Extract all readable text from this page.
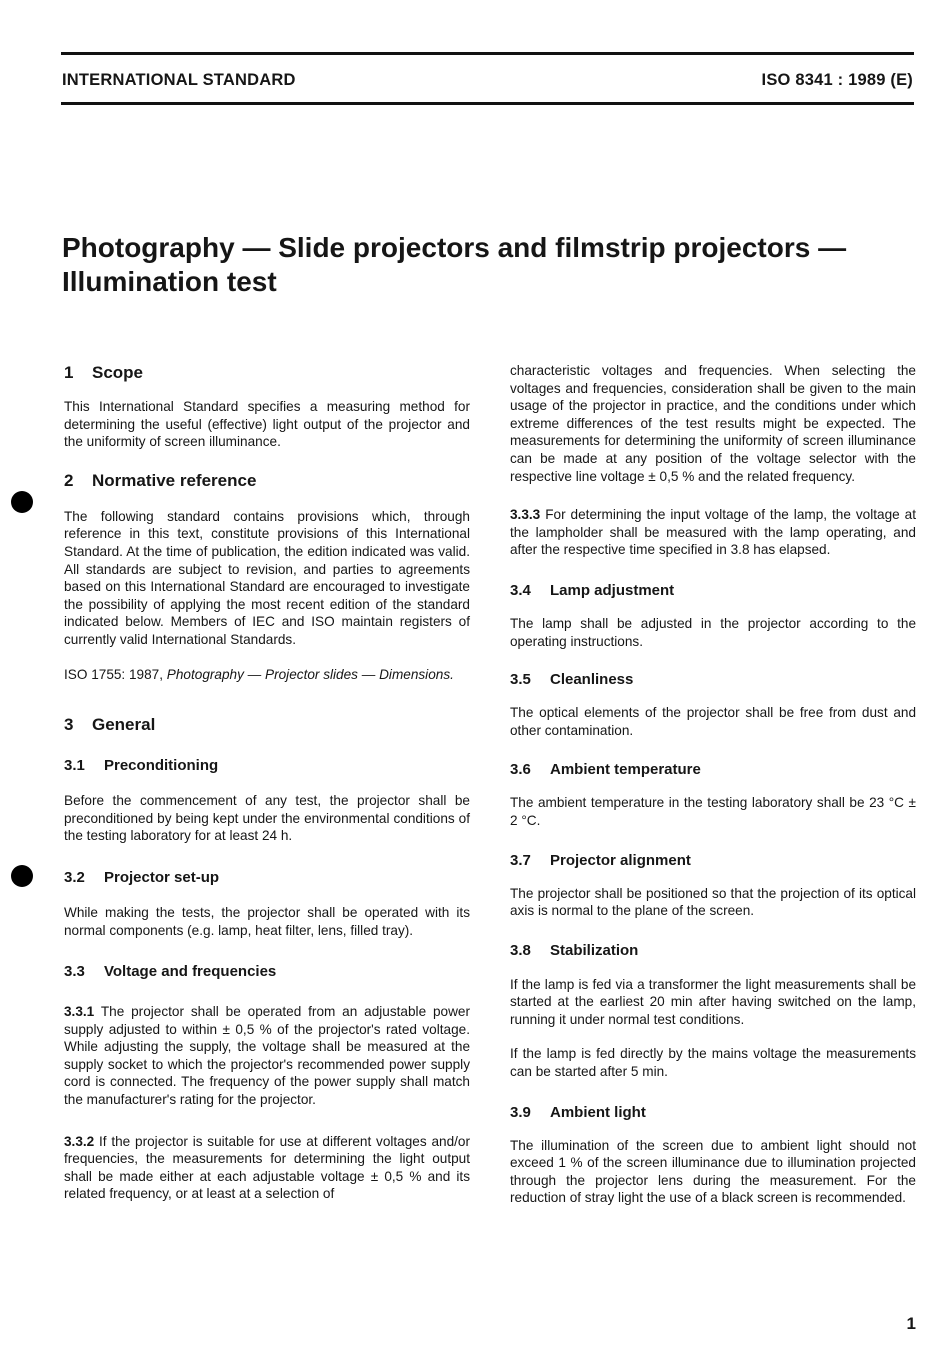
INTERNATIONAL STANDARD	ISO 8341 : 1989 (E)
Photography — Slide projectors and filmstrip projectors —
Illumination test
1 Scope

This International Standard specifies a measuring method for determining the useful (effective) light output of the projector and the uniformity of screen illuminance.

2 Normative reference

The following standard contains provisions which, through reference in this text, constitute provisions of this International Standard. At the time of publication, the edition indicated was valid. All standards are subject to revision, and parties to agreements based on this International Standard are encouraged to investigate the possibility of applying the most recent edition of the standard indicated below. Members of IEC and ISO maintain registers of currently valid International Standards.

ISO 1755: 1987, Photography — Projector slides — Dimensions.

3 General
3.1 Preconditioning

Before the commencement of any test, the projector shall be preconditioned by being kept under the environmental conditions of the testing laboratory for at least 24 h.

3.2 Projector set-up

While making the tests, the projector shall be operated with its normal components (e.g. lamp, heat filter, lens, filled tray).

3.3 Voltage and frequencies

3.3.1 The projector shall be operated from an adjustable power supply adjusted to within ± 0,5 % of the projector's rated voltage. While adjusting the supply, the voltage shall be measured at the supply socket to which the projector's recommended power supply cord is connected. The frequency of the power supply shall match the manufacturer's rating for the projector.

3.3.2 If the projector is suitable for use at different voltages and/or frequencies, the measurements for determining the light output shall be made either at each adjustable voltage ± 0,5 % and its related frequency, or at least at a selection of

characteristic voltages and frequencies. When selecting the voltages and frequencies, consideration shall be given to the main usage of the projector in practice, and the conditions under which extreme differences of the test results might be expected. The measurements for determining the uniformity of screen illuminance can be made at any position of the voltage selector with the respective line voltage ± 0,5 % and the related frequency.

3.3.3 For determining the input voltage of the lamp, the voltage at the lampholder shall be measured with the lamp operating, and after the respective time specified in 3.8 has elapsed.

3.4 Lamp adjustment

The lamp shall be adjusted in the projector according to the operating instructions.

3.5 Cleanliness

The optical elements of the projector shall be free from dust and other contamination.

3.6 Ambient temperature

The ambient temperature in the testing laboratory shall be 23 °C ± 2 °C.

3.7 Projector alignment

The projector shall be positioned so that the projection of its optical axis is normal to the plane of the screen.

3.8 Stabilization

If the lamp is fed via a transformer the light measurements shall be started at the earliest 20 min after having switched on the lamp, running it under normal test conditions.

If the lamp is fed directly by the mains voltage the measurements can be started after 5 min.

3.9 Ambient light

The illumination of the screen due to ambient light should not exceed 1 % of the screen illuminance due to illumination projected through the projector lens during the measurement. For the reduction of stray light the use of a black screen is recommended.

1
